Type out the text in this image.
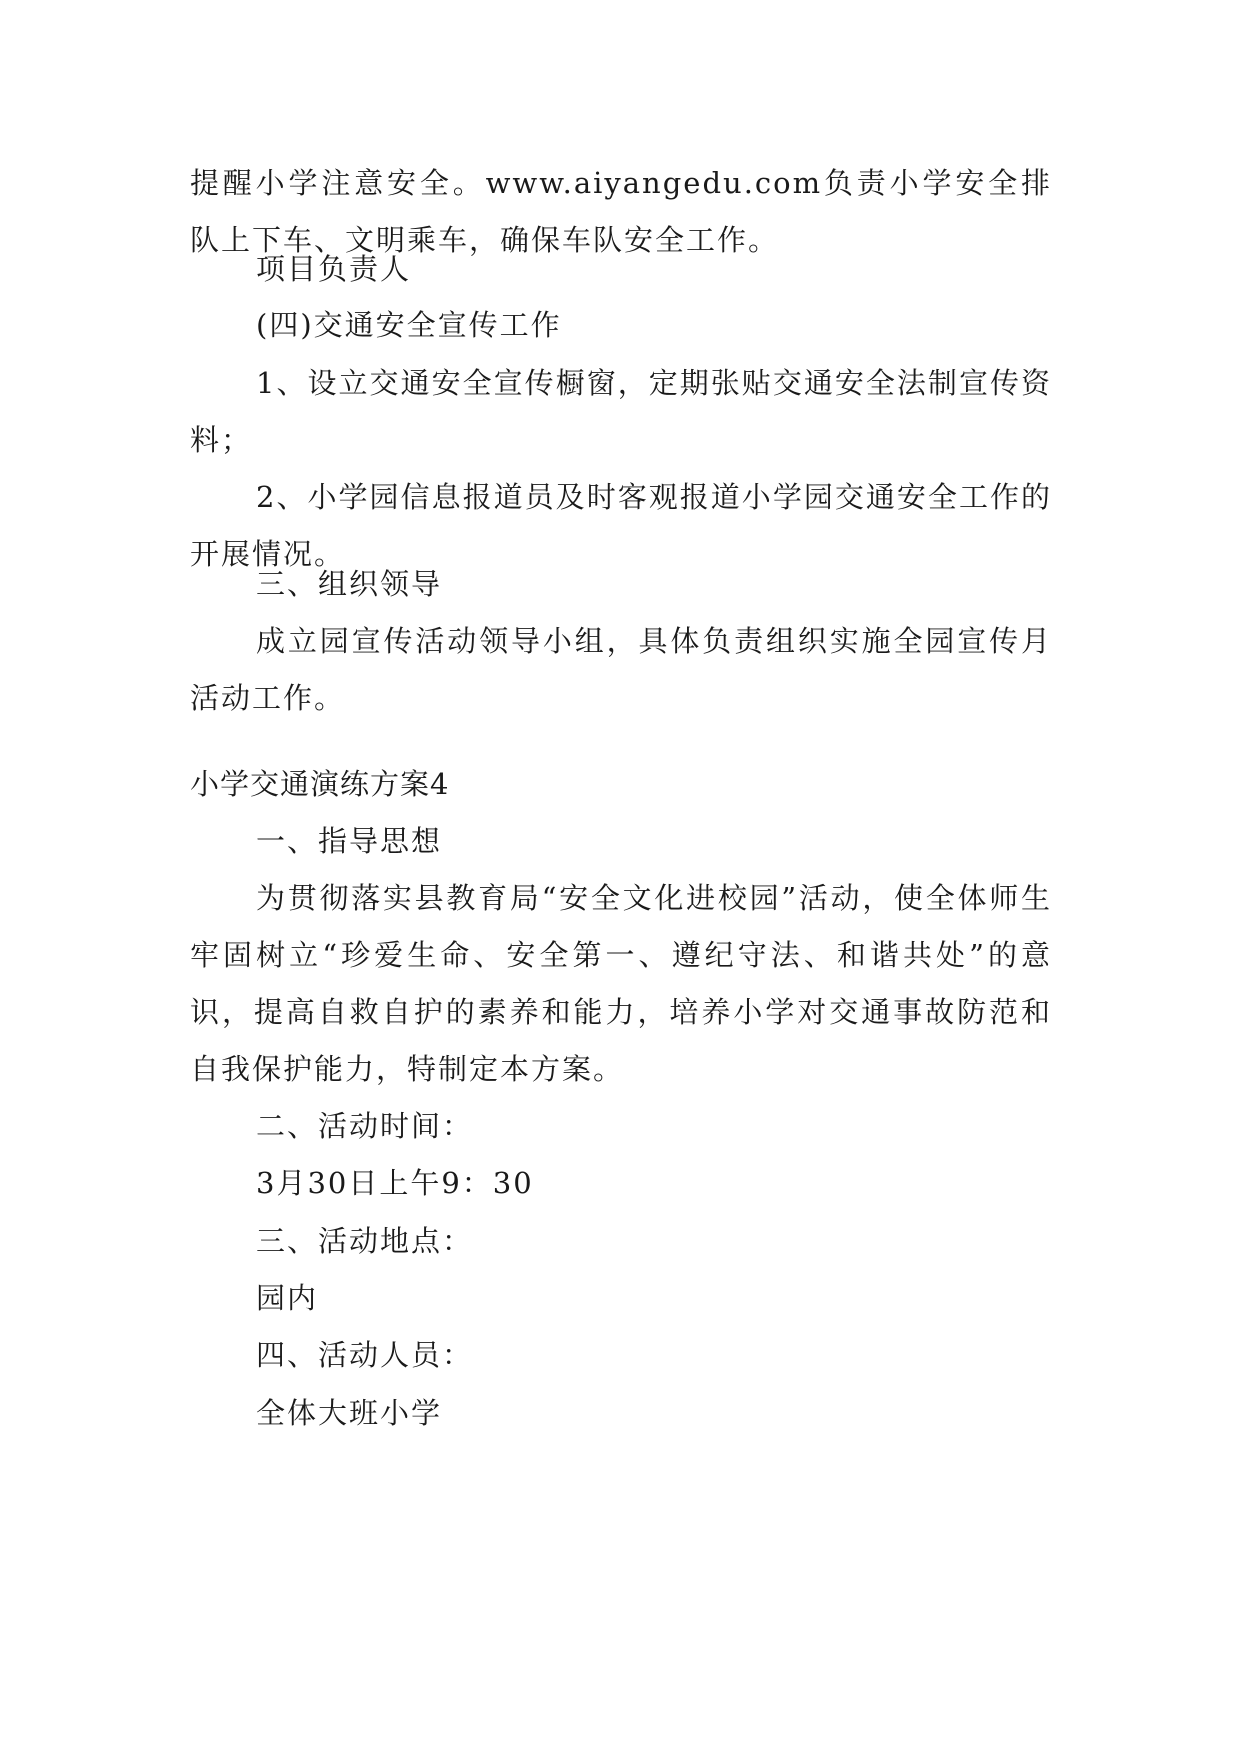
提醒小学注意安全。www.aiyangedu.com负责小学安全排队上下车、文明乘车，确保车队安全工作。

项目负责人

(四)交通安全宣传工作

1、设立交通安全宣传橱窗，定期张贴交通安全法制宣传资料；

2、小学园信息报道员及时客观报道小学园交通安全工作的开展情况。

三、组织领导

成立园宣传活动领导小组，具体负责组织实施全园宣传月活动工作。

小学交通演练方案4

一、指导思想

为贯彻落实县教育局“安全文化进校园”活动，使全体师生牢固树立“珍爱生命、安全第一、遵纪守法、和谐共处”的意识，提高自救自护的素养和能力，培养小学对交通事故防范和自我保护能力，特制定本方案。

二、活动时间：

3月30日上午9：30

三、活动地点：

园内

四、活动人员：

全体大班小学
